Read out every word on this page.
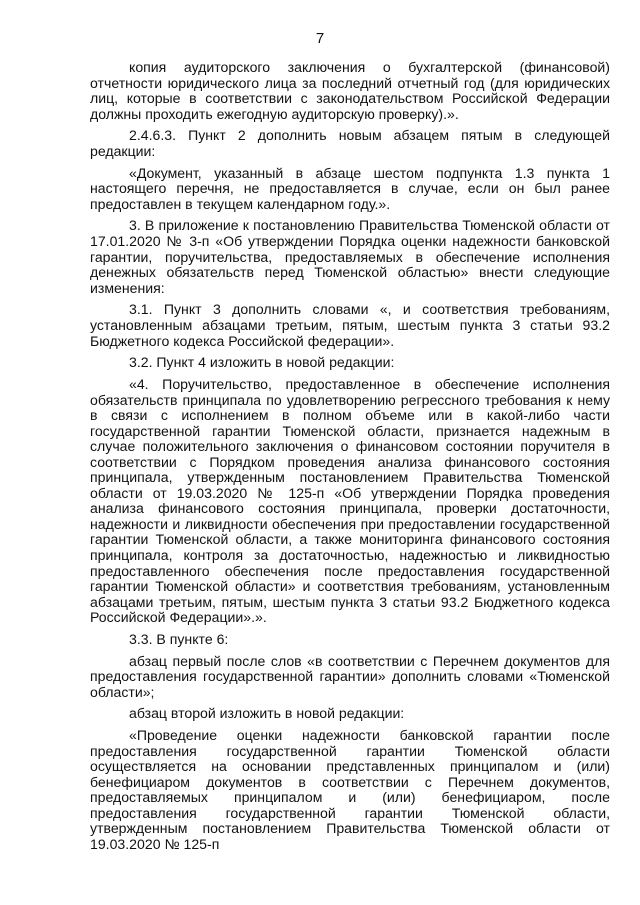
7

копия аудиторского заключения о бухгалтерской (финансовой) отчетности юридического лица за последний отчетный год (для юридических лиц, которые в соответствии с законодательством Российской Федерации должны проходить ежегодную аудиторскую проверку).».

2.4.6.3. Пункт 2 дополнить новым абзацем пятым в следующей редакции:

«Документ, указанный в абзаце шестом подпункта 1.3 пункта 1 настоящего перечня, не предоставляется в случае, если он был ранее предоставлен в текущем календарном году.».

3. В приложение к постановлению Правительства Тюменской области от 17.01.2020 № 3-п «Об утверждении Порядка оценки надежности банковской гарантии, поручительства, предоставляемых в обеспечение исполнения денежных обязательств перед Тюменской областью» внести следующие изменения:

3.1. Пункт 3 дополнить словами «, и соответствия требованиям, установленным абзацами третьим, пятым, шестым пункта 3 статьи 93.2 Бюджетного кодекса Российской федерации».

3.2. Пункт 4 изложить в новой редакции:

«4. Поручительство, предоставленное в обеспечение исполнения обязательств принципала по удовлетворению регрессного требования к нему в связи с исполнением в полном объеме или в какой-либо части государственной гарантии Тюменской области, признается надежным в случае положительного заключения о финансовом состоянии поручителя в соответствии с Порядком проведения анализа финансового состояния принципала, утвержденным постановлением Правительства Тюменской области от 19.03.2020 № 125-п «Об утверждении Порядка проведения анализа финансового состояния принципала, проверки достаточности, надежности и ликвидности обеспечения при предоставлении государственной гарантии Тюменской области, а также мониторинга финансового состояния принципала, контроля за достаточностью, надежностью и ликвидностью предоставленного обеспечения после предоставления государственной гарантии Тюменской области» и соответствия требованиям, установленным абзацами третьим, пятым, шестым пункта 3 статьи 93.2 Бюджетного кодекса Российской Федерации».».

3.3. В пункте 6:

абзац первый после слов «в соответствии с Перечнем документов для предоставления государственной гарантии» дополнить словами «Тюменской области»;

абзац второй изложить в новой редакции:

«Проведение оценки надежности банковской гарантии после предоставления государственной гарантии Тюменской области осуществляется на основании представленных принципалом и (или) бенефициаром документов в соответствии с Перечнем документов, предоставляемых принципалом и (или) бенефициаром, после предоставления государственной гарантии Тюменской области, утвержденным постановлением Правительства Тюменской области от 19.03.2020 № 125-п
